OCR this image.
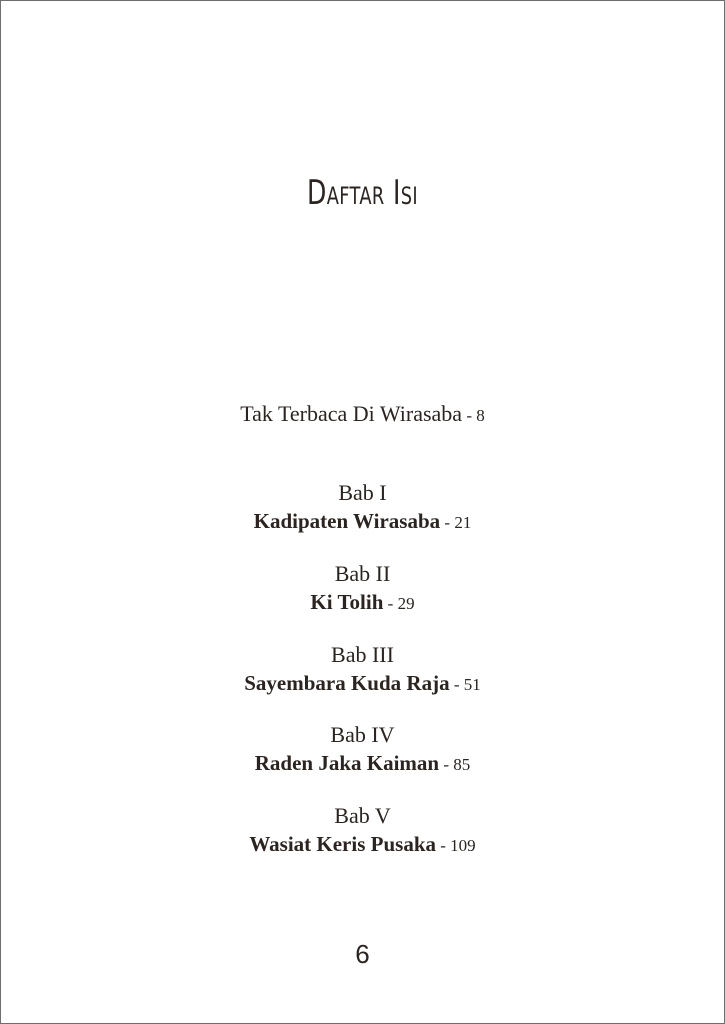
Daftar Isi
Tak Terbaca Di Wirasaba - 8
Bab I
Kadipaten Wirasaba - 21
Bab II
Ki Tolih - 29
Bab III
Sayembara Kuda Raja - 51
Bab IV
Raden Jaka Kaiman - 85
Bab V
Wasiat Keris Pusaka - 109
6
